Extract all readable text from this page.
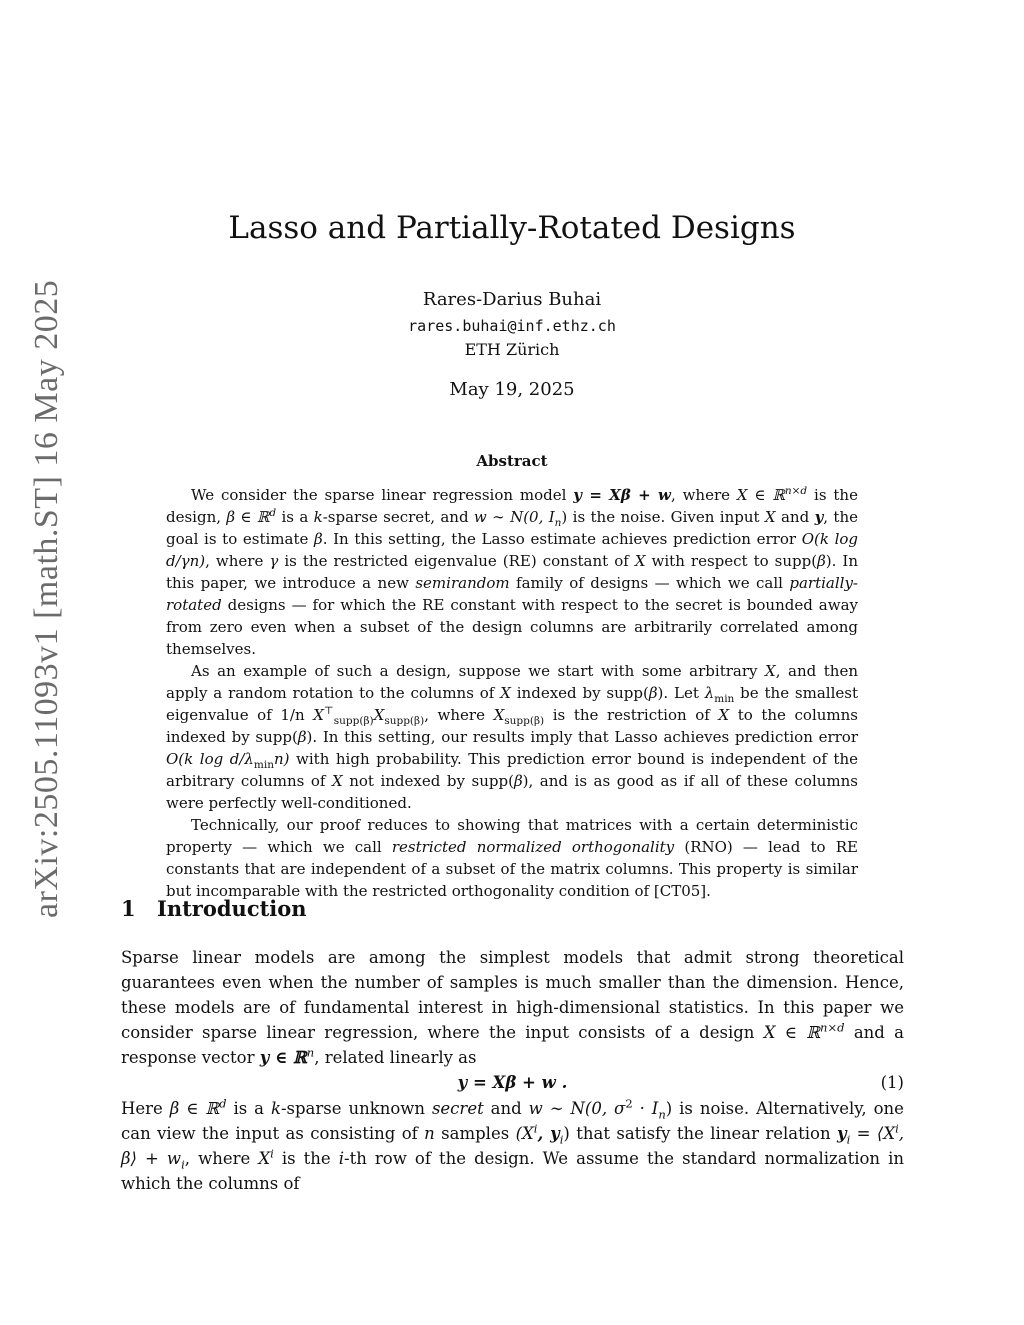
arXiv:2505.11093v1 [math.ST] 16 May 2025
Lasso and Partially-Rotated Designs
Rares-Darius Buhai
rares.buhai@inf.ethz.ch
ETH Zürich
May 19, 2025
Abstract

We consider the sparse linear regression model y = Xβ + w, where X ∈ ℝ$^{n\times d}$ is the design, β ∈ ℝ$^d$ is a k-sparse secret, and w ∼ N(0, $I_n$) is the noise. Given input X and y, the goal is to estimate β. In this setting, the Lasso estimate achieves prediction error O(k log d/γn), where γ is the restricted eigenvalue (RE) constant of X with respect to supp(β). In this paper, we introduce a new semirandom family of designs — which we call partially-rotated designs — for which the RE constant with respect to the secret is bounded away from zero even when a subset of the design columns are arbitrarily correlated among themselves.

As an example of such a design, suppose we start with some arbitrary X, and then apply a random rotation to the columns of X indexed by supp(β). Let $\lambda_{min}$ be the smallest eigenvalue of 1/n $X^⊤_{supp(\beta)}X_{supp(\beta)}$, where $X_{supp(\beta)}$ is the restriction of X to the columns indexed by supp(β). In this setting, our results imply that Lasso achieves prediction error O(k $\log d/\lambda_{min}n$) with high probability. This prediction error bound is independent of the arbitrary columns of X not indexed by supp(β), and is as good as if all of these columns were perfectly well-conditioned.

Technically, our proof reduces to showing that matrices with a certain deterministic property — which we call restricted normalized orthogonality (RNO) — lead to RE constants that are independent of a subset of the matrix columns. This property is similar but incomparable with the restricted orthogonality condition of [CT05].

1 Introduction

Sparse linear models are among the simplest models that admit strong theoretical guarantees even when the number of samples is much smaller than the dimension. Hence, these models are of fundamental interest in high-dimensional statistics. In this paper we consider sparse linear regression, where the input consists of a design X ∈ ℝ$^{n\times d}$ and a response vector y ∈ ℝ$^n$, related linearly as

y = Xβ + w .	(1)

Here β ∈ ℝ$^d$ is a k-sparse unknown secret and w ∼ N(0, $\sigma^2 \cdot I_n$) is noise. Alternatively, one can view the input as consisting of n samples ($X^i$, $y_i$) that satisfy the linear relation $y_i$ = $⟨X^i$, β⟩ + $w_i$, where $X^i$ is the i-th row of the design. We assume the standard normalization in which the columns of
